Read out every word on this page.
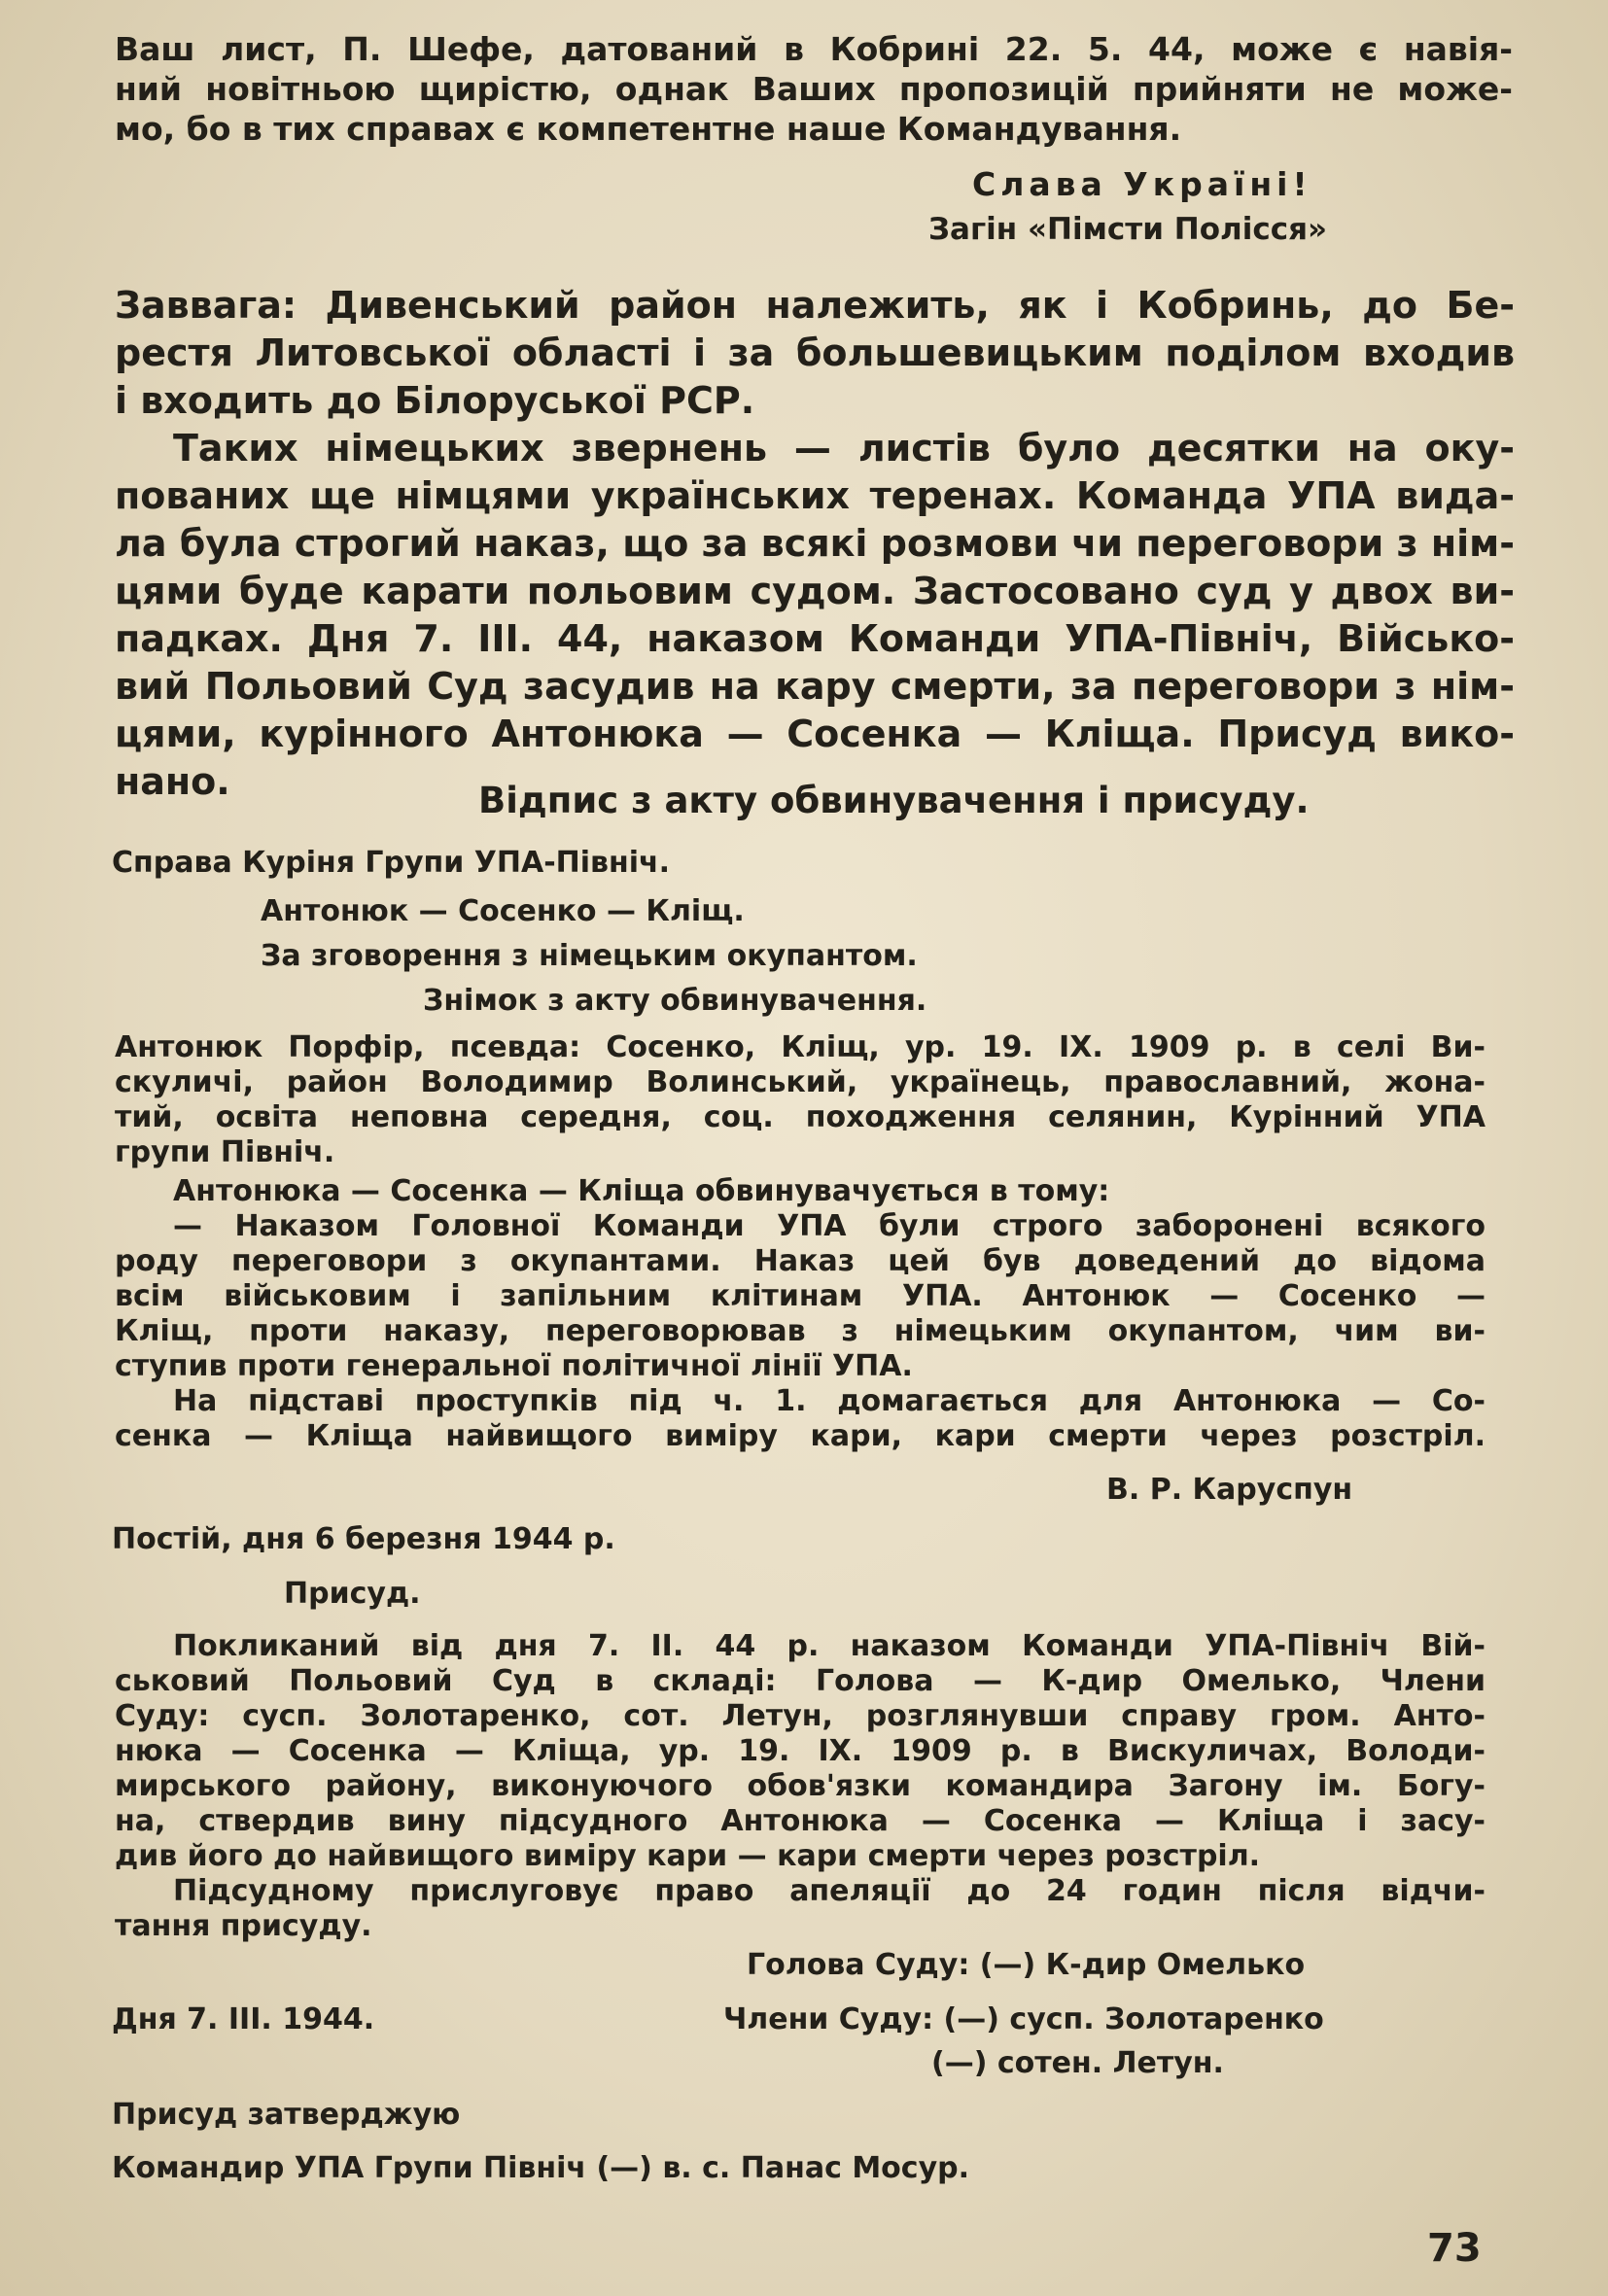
Ваш лист, П. Шефе, датований в Кобрині 22. 5. 44, може є навія-

ний новітньою щирістю, однак Ваших пропозицій прийняти не може-

мо, бо в тих справах є компетентне наше Командування.

Слава Україні!
Загін «Пімсти Полісся»

Заввага: Дивенський район належить, як і Кобринь, до Бе-

рестя Литовської області і за большевицьким поділом входив

і входить до Білоруської РСР.

Таких німецьких звернень — листів було десятки на оку-

пованих ще німцями українських теренах. Команда УПА вида-

ла була строгий наказ, що за всякі розмови чи переговори з нім-

цями буде карати польовим судом. Застосовано суд у двох ви-

падках. Дня 7. ІІІ. 44, наказом Команди УПА-Північ, Військо-

вий Польовий Суд засудив на кару смерти, за переговори з нім-

цями, курінного Антонюка — Сосенка — Кліща. Присуд вико-

нано.	Відпис з акту обвинувачення і присуду.
Справа Куріня Групи УПА-Північ.
Антонюк — Сосенко — Кліщ.
За зговорення з німецьким окупантом.
Знімок з акту обвинувачення.

Антонюк Порфір, псевда: Сосенко, Кліщ, ур. 19. IX. 1909 р. в селі Ви-

скуличі, район Володимир Волинський, українець, православний, жона-

тий, освіта неповна середня, соц. походження селянин, Курінний УПА

групи Північ.

Антонюка — Сосенка — Кліща обвинувачується в тому:

— Наказом Головної Команди УПА були строго заборонені всякого

роду переговори з окупантами. Наказ цей був доведений до відома

всім військовим і запільним клітинам УПА. Антонюк — Сосенко —

Кліщ, проти наказу, переговорював з німецьким окупантом, чим ви-

ступив проти генеральної політичної лінії УПА.

На підставі проступків під ч. 1. домагається для Антонюка — Со-

сенка — Кліща найвищого виміру кари, кари смерти через розстріл.

В. Р. Каруспун
Постій, дня 6 березня 1944 р.
Присуд.

Покликаний від дня 7. II. 44 р. наказом Команди УПА-Північ Вій-

ськовий Польовий Суд в складі: Голова — К-дир Омелько, Члени

Суду: сусп. Золотаренко, сот. Летун, розглянувши справу гром. Анто-

нюка — Сосенка — Кліща, ур. 19. IX. 1909 р. в Вискуличах, Володи-

мирського району, виконуючого обов'язки командира Загону ім. Богу-

на, ствердив вину підсудного Антонюка — Сосенка — Кліща і засу-

див його до найвищого виміру кари — кари смерти через розстріл.

Підсудному прислуговує право апеляції до 24 годин після відчи-

тання присуду.

Голова Суду: (—) К-дир Омелько
Дня 7. III. 1944.	Члени Суду: (—) сусп. Золотаренко
(—) сотен. Летун.
Присуд затверджую
Командир УПА Групи Північ (—) в. с. Панас Мосур.
73
